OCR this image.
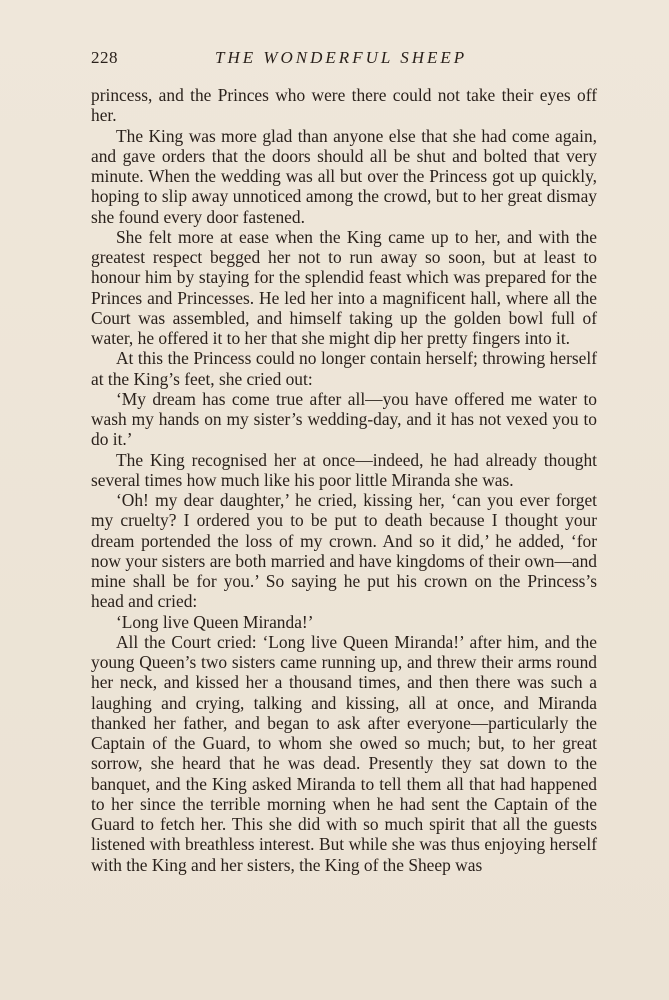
228	THE WONDERFUL SHEEP

princess, and the Princes who were there could not take their eyes off her.

The King was more glad than anyone else that she had come again, and gave orders that the doors should all be shut and bolted that very minute. When the wedding was all but over the Princess got up quickly, hoping to slip away unnoticed among the crowd, but to her great dismay she found every door fastened.

She felt more at ease when the King came up to her, and with the greatest respect begged her not to run away so soon, but at least to honour him by staying for the splendid feast which was prepared for the Princes and Princesses. He led her into a magnificent hall, where all the Court was assembled, and himself taking up the golden bowl full of water, he offered it to her that she might dip her pretty fingers into it.

At this the Princess could no longer contain herself; throwing herself at the King’s feet, she cried out:

‘My dream has come true after all—you have offered me water to wash my hands on my sister’s wedding-day, and it has not vexed you to do it.’

The King recognised her at once—indeed, he had already thought several times how much like his poor little Miranda she was.

‘Oh! my dear daughter,’ he cried, kissing her, ‘can you ever forget my cruelty? I ordered you to be put to death because I thought your dream portended the loss of my crown. And so it did,’ he added, ‘for now your sisters are both married and have kingdoms of their own—and mine shall be for you.’ So saying he put his crown on the Princess’s head and cried:

‘Long live Queen Miranda!’

All the Court cried: ‘Long live Queen Miranda!’ after him, and the young Queen’s two sisters came running up, and threw their arms round her neck, and kissed her a thousand times, and then there was such a laughing and crying, talking and kissing, all at once, and Miranda thanked her father, and began to ask after everyone—particularly the Captain of the Guard, to whom she owed so much; but, to her great sorrow, she heard that he was dead. Presently they sat down to the banquet, and the King asked Miranda to tell them all that had happened to her since the terrible morning when he had sent the Captain of the Guard to fetch her. This she did with so much spirit that all the guests listened with breathless interest. But while she was thus enjoying herself with the King and her sisters, the King of the Sheep was
